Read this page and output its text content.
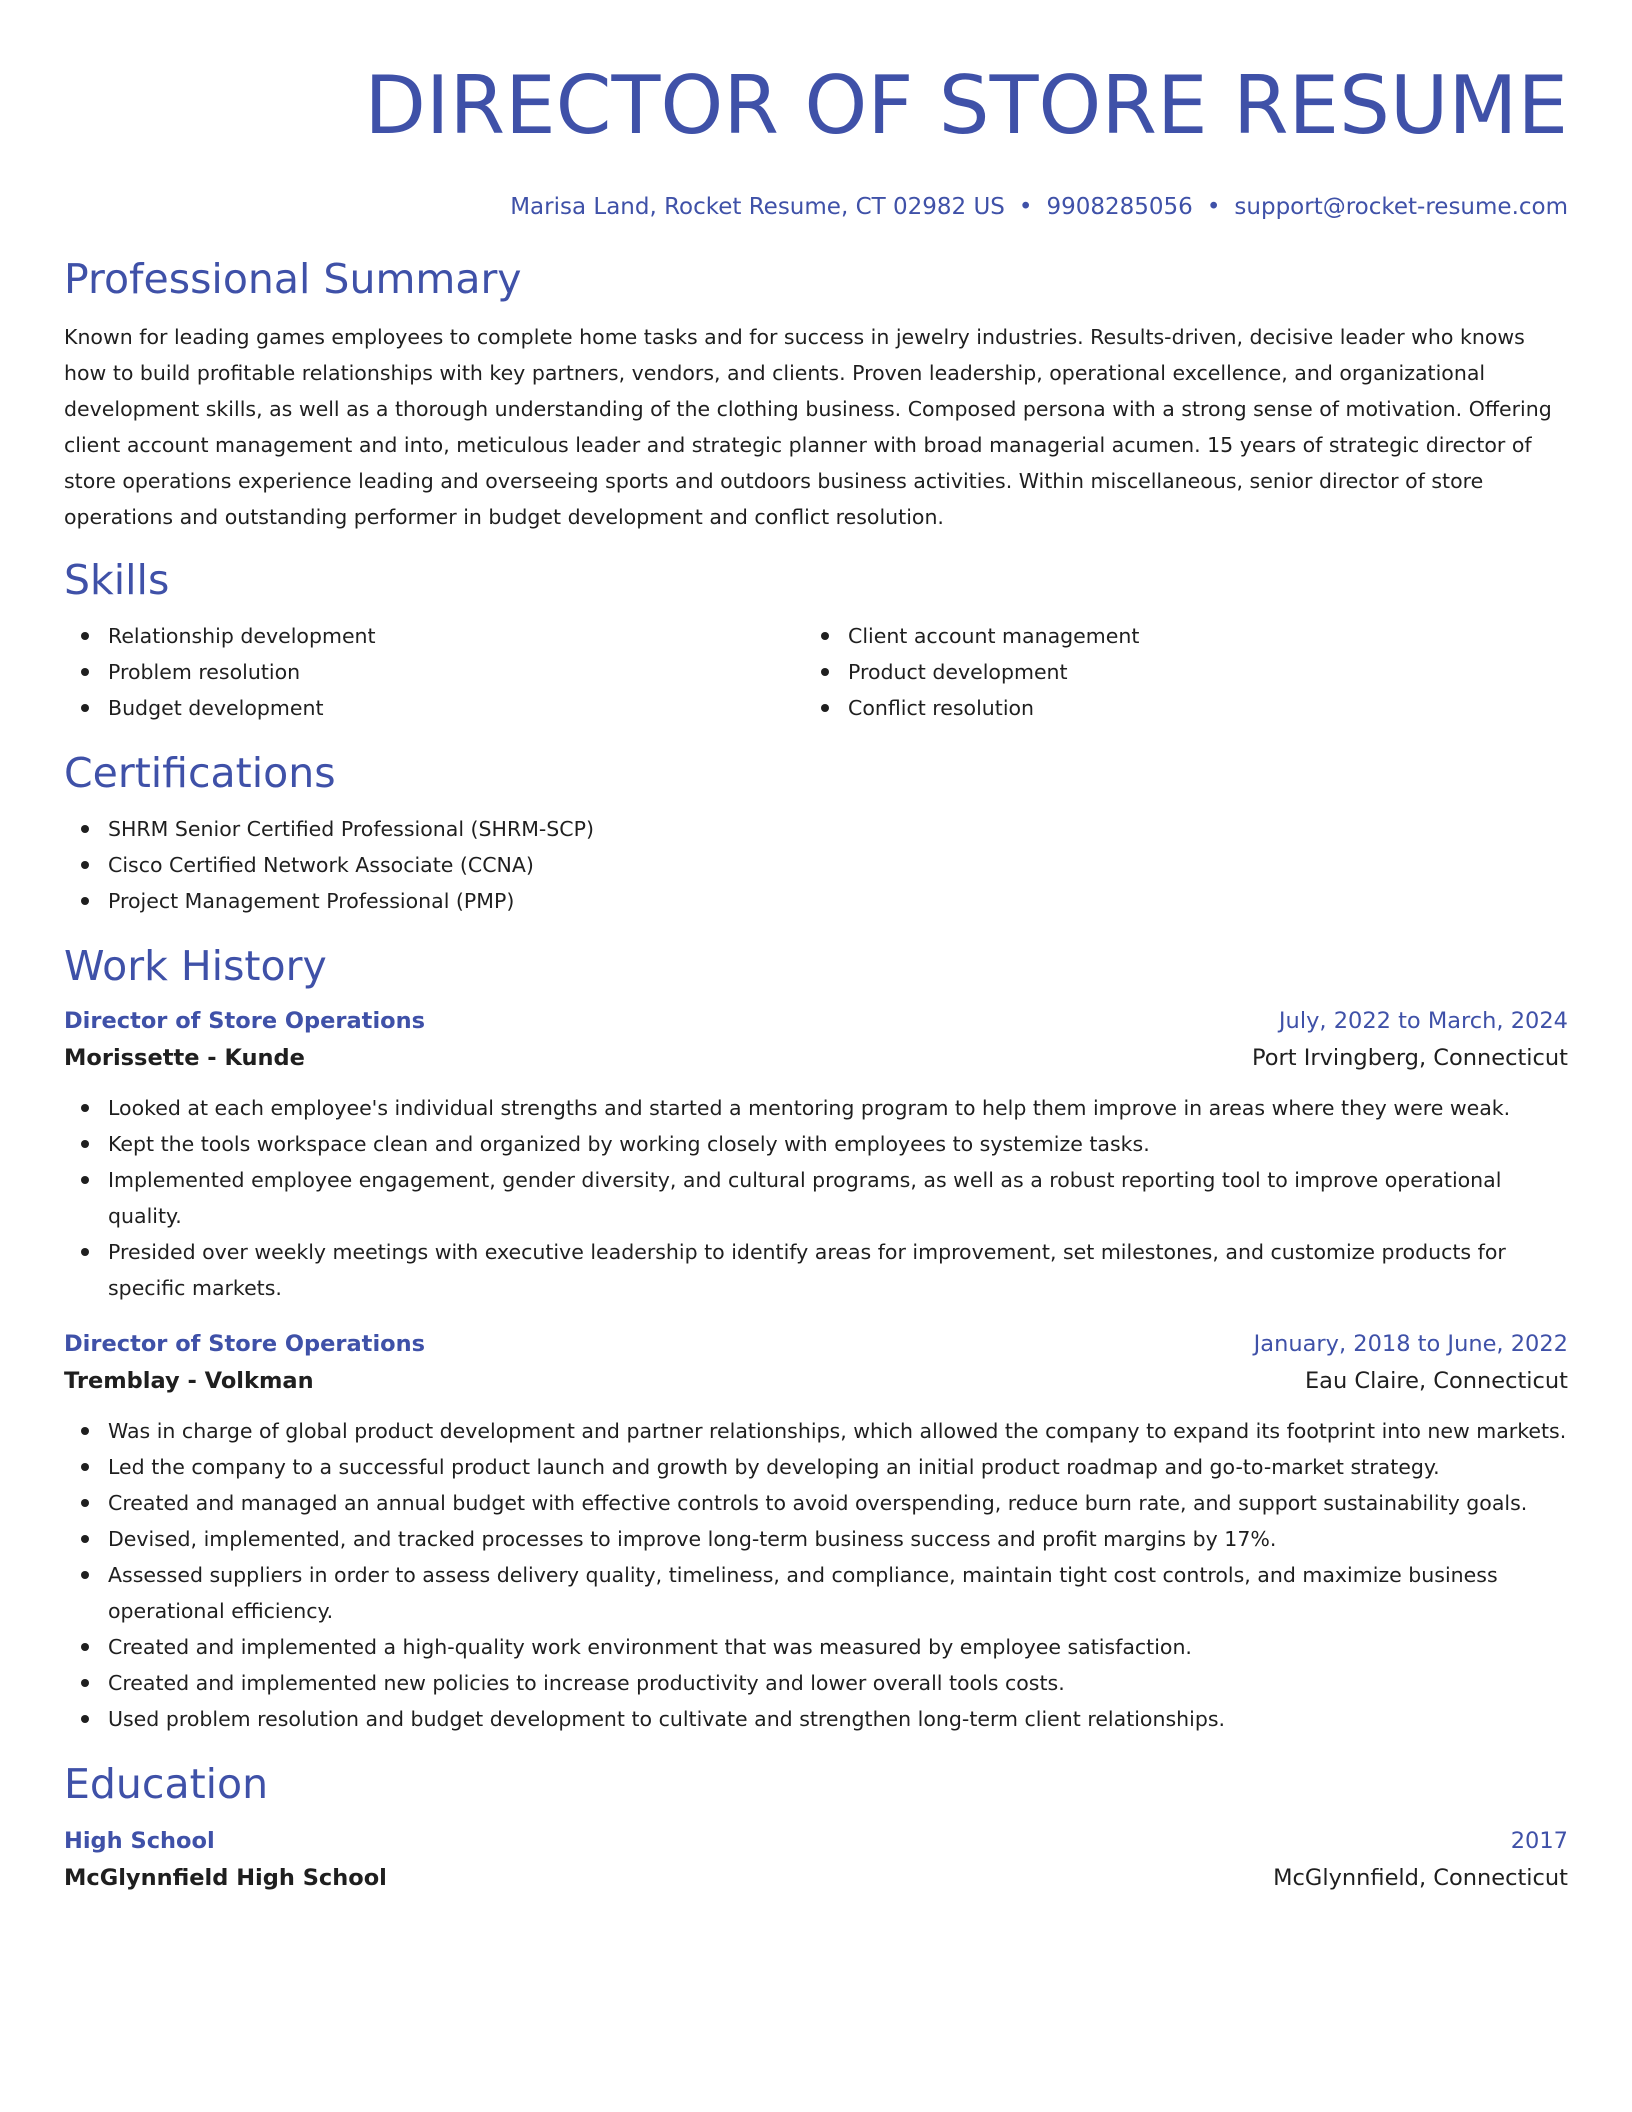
DIRECTOR OF STORE RESUME
Marisa Land, Rocket Resume, CT 02982 US • 9908285056 • support@rocket-resume.com
Professional Summary

Known for leading games employees to complete home tasks and for success in jewelry industries. Results-driven, decisive leader who knows how to build profitable relationships with key partners, vendors, and clients. Proven leadership, operational excellence, and organizational development skills, as well as a thorough understanding of the clothing business. Composed persona with a strong sense of motivation. Offering client account management and into, meticulous leader and strategic planner with broad managerial acumen. 15 years of strategic director of store operations experience leading and overseeing sports and outdoors business activities. Within miscellaneous, senior director of store operations and outstanding performer in budget development and conflict resolution.

Skills
Relationship development
Problem resolution
Budget development
Client account management
Product development
Conflict resolution
Certifications
SHRM Senior Certified Professional (SHRM-SCP)
Cisco Certified Network Associate (CCNA)
Project Management Professional (PMP)
Work History
Director of Store Operations	July, 2022 to March, 2024
Morissette - Kunde	Port Irvingberg, Connecticut
Looked at each employee's individual strengths and started a mentoring program to help them improve in areas where they were weak.
Kept the tools workspace clean and organized by working closely with employees to systemize tasks.
Implemented employee engagement, gender diversity, and cultural programs, as well as a robust reporting tool to improve operational quality.
Presided over weekly meetings with executive leadership to identify areas for improvement, set milestones, and customize products for specific markets.
Director of Store Operations	January, 2018 to June, 2022
Tremblay - Volkman	Eau Claire, Connecticut
Was in charge of global product development and partner relationships, which allowed the company to expand its footprint into new markets.
Led the company to a successful product launch and growth by developing an initial product roadmap and go-to-market strategy.
Created and managed an annual budget with effective controls to avoid overspending, reduce burn rate, and support sustainability goals.
Devised, implemented, and tracked processes to improve long-term business success and profit margins by 17%.
Assessed suppliers in order to assess delivery quality, timeliness, and compliance, maintain tight cost controls, and maximize business operational efficiency.
Created and implemented a high-quality work environment that was measured by employee satisfaction.
Created and implemented new policies to increase productivity and lower overall tools costs.
Used problem resolution and budget development to cultivate and strengthen long-term client relationships.
Education
High School	2017
McGlynnfield High School	McGlynnfield, Connecticut
